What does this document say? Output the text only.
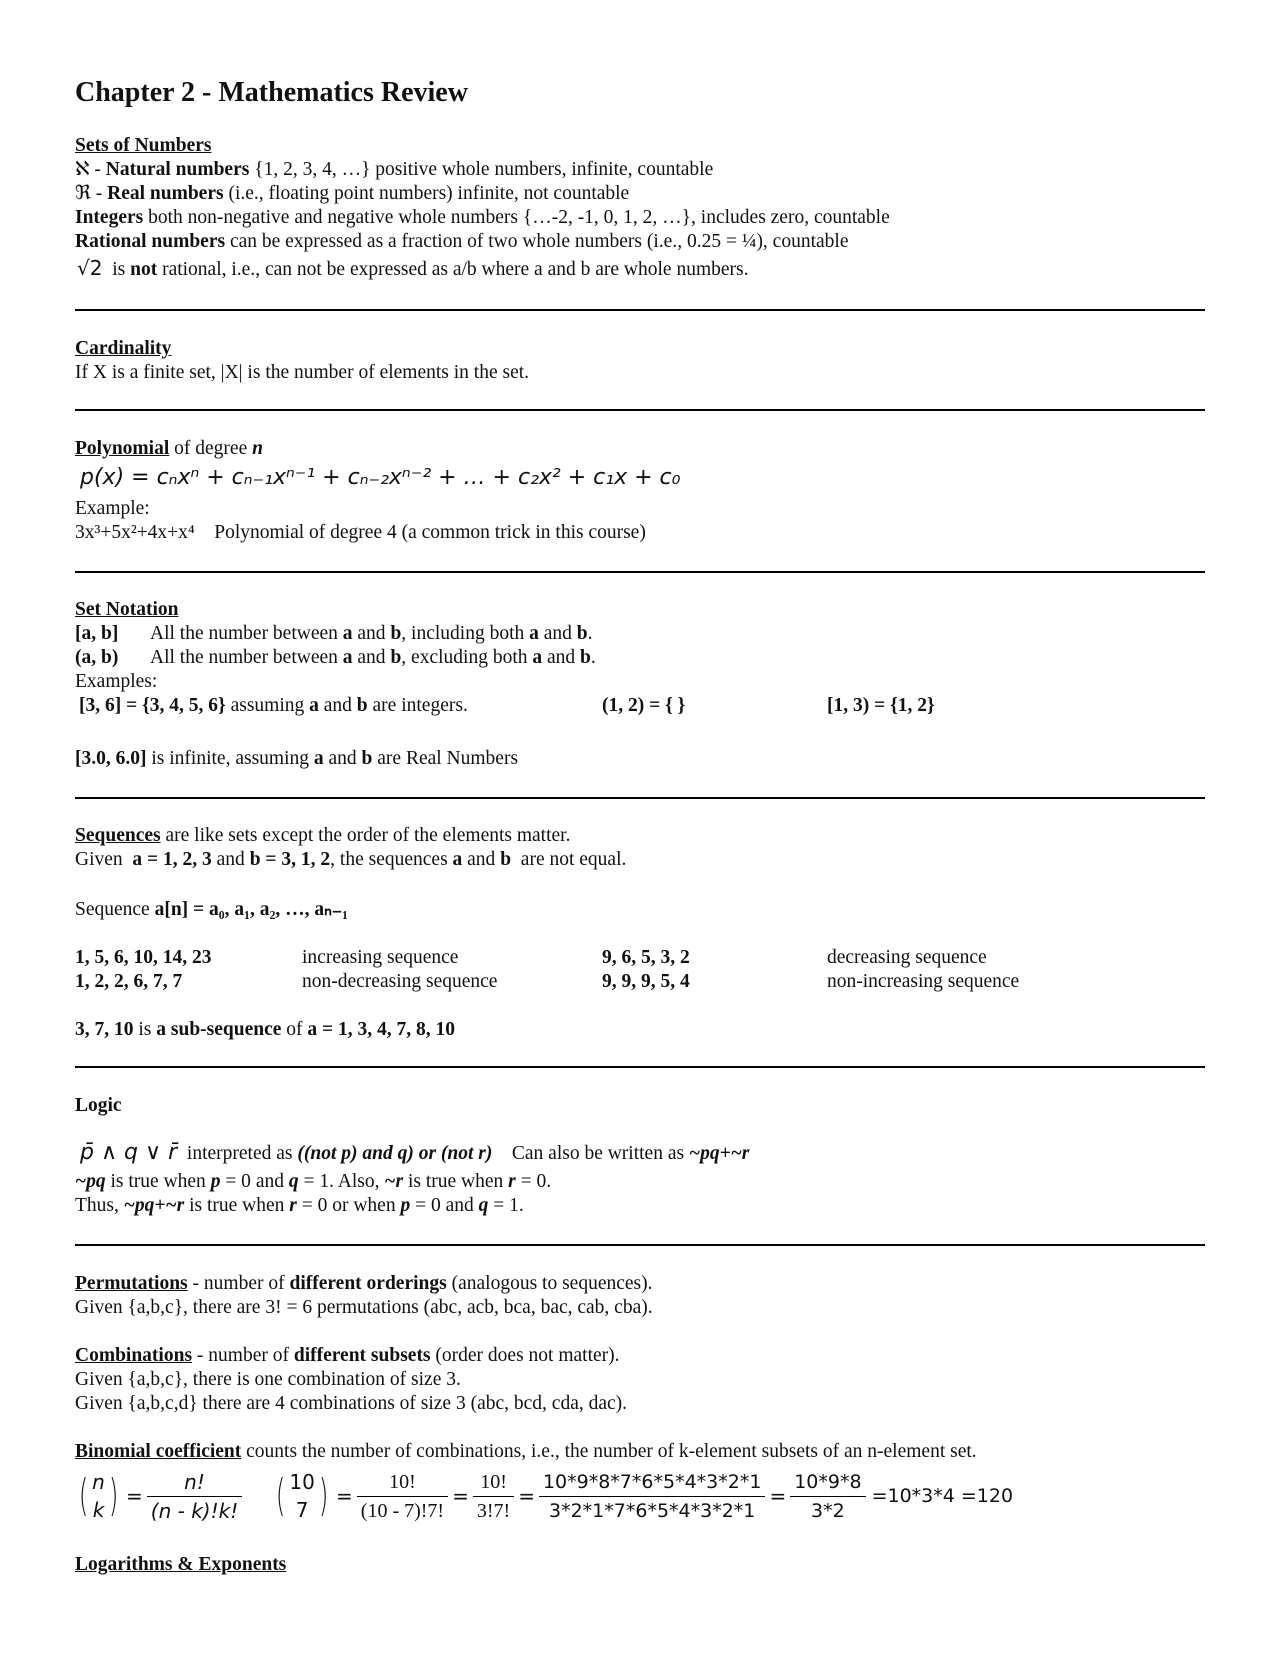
Chapter 2 - Mathematics Review
Sets of Numbers
ℵ - Natural numbers {1, 2, 3, 4, …} positive whole numbers, infinite, countable
ℜ - Real numbers (i.e., floating point numbers) infinite, not countable
Integers both non-negative and negative whole numbers {…-2, -1, 0, 1, 2, …}, includes zero, countable
Rational numbers can be expressed as a fraction of two whole numbers (i.e., 0.25 = ¼), countable
√2 is not rational, i.e., can not be expressed as a/b where a and b are whole numbers.
Cardinality
If X is a finite set, |X| is the number of elements in the set.
Polynomial of degree n
p(x) = cₙxⁿ + cₙ₋₁xⁿ⁻¹ + cₙ₋₂xⁿ⁻² + … + c₂x² + c₁x + c₀
Example:
3x³+5x²+4x+x⁴ Polynomial of degree 4 (a common trick in this course)
Set Notation
[a, b] All the number between a and b, including both a and b.
(a, b) All the number between a and b, excluding both a and b.
Examples:
[3, 6] = {3, 4, 5, 6} assuming a and b are integers.	(1, 2) = { }	[1, 3) = {1, 2}
[3.0, 6.0] is infinite, assuming a and b are Real Numbers
Sequences are like sets except the order of the elements matter.
Given a = 1, 2, 3 and b = 3, 1, 2, the sequences a and b are not equal.
Sequence a[n] = a₀, a₁, a₂, …, aₙ₋₁
1, 5, 6, 10, 14, 23	increasing sequence	9, 6, 5, 3, 2	decreasing sequence
1, 2, 2, 6, 7, 7	non-decreasing sequence	9, 9, 9, 5, 4	non-increasing sequence
3, 7, 10 is a sub-sequence of a = 1, 3, 4, 7, 8, 10
Logic
p̄ ∧ q ∨ r̄ interpreted as ((not p) and q) or (not r) Can also be written as ~pq+~r
~pq is true when p = 0 and q = 1. Also, ~r is true when r = 0.
Thus, ~pq+~r is true when r = 0 or when p = 0 and q = 1.
Permutations - number of different orderings (analogous to sequences).
Given {a,b,c}, there are 3! = 6 permutations (abc, acb, bca, bac, cab, cba).
Combinations - number of different subsets (order does not matter).
Given {a,b,c}, there is one combination of size 3.
Given {a,b,c,d} there are 4 combinations of size 3 (abc, bcd, cda, dac).
Binomial coefficient counts the number of combinations, i.e., the number of k-element subsets of an n-element set.
( n
k ) = $\frac{n!}{(n - k)!k!}$ ( 10
7 ) = $\frac{10!}{(10 - 7)!7!} = \frac{10!}{3!7!} = \frac{10*9*8*7*6*5*4*3*2*1}{3*2*1*7*6*5*4*3*2*1} = \frac{10*9*8}{3*2} =10*3*4 =120$
Logarithms & Exponents
